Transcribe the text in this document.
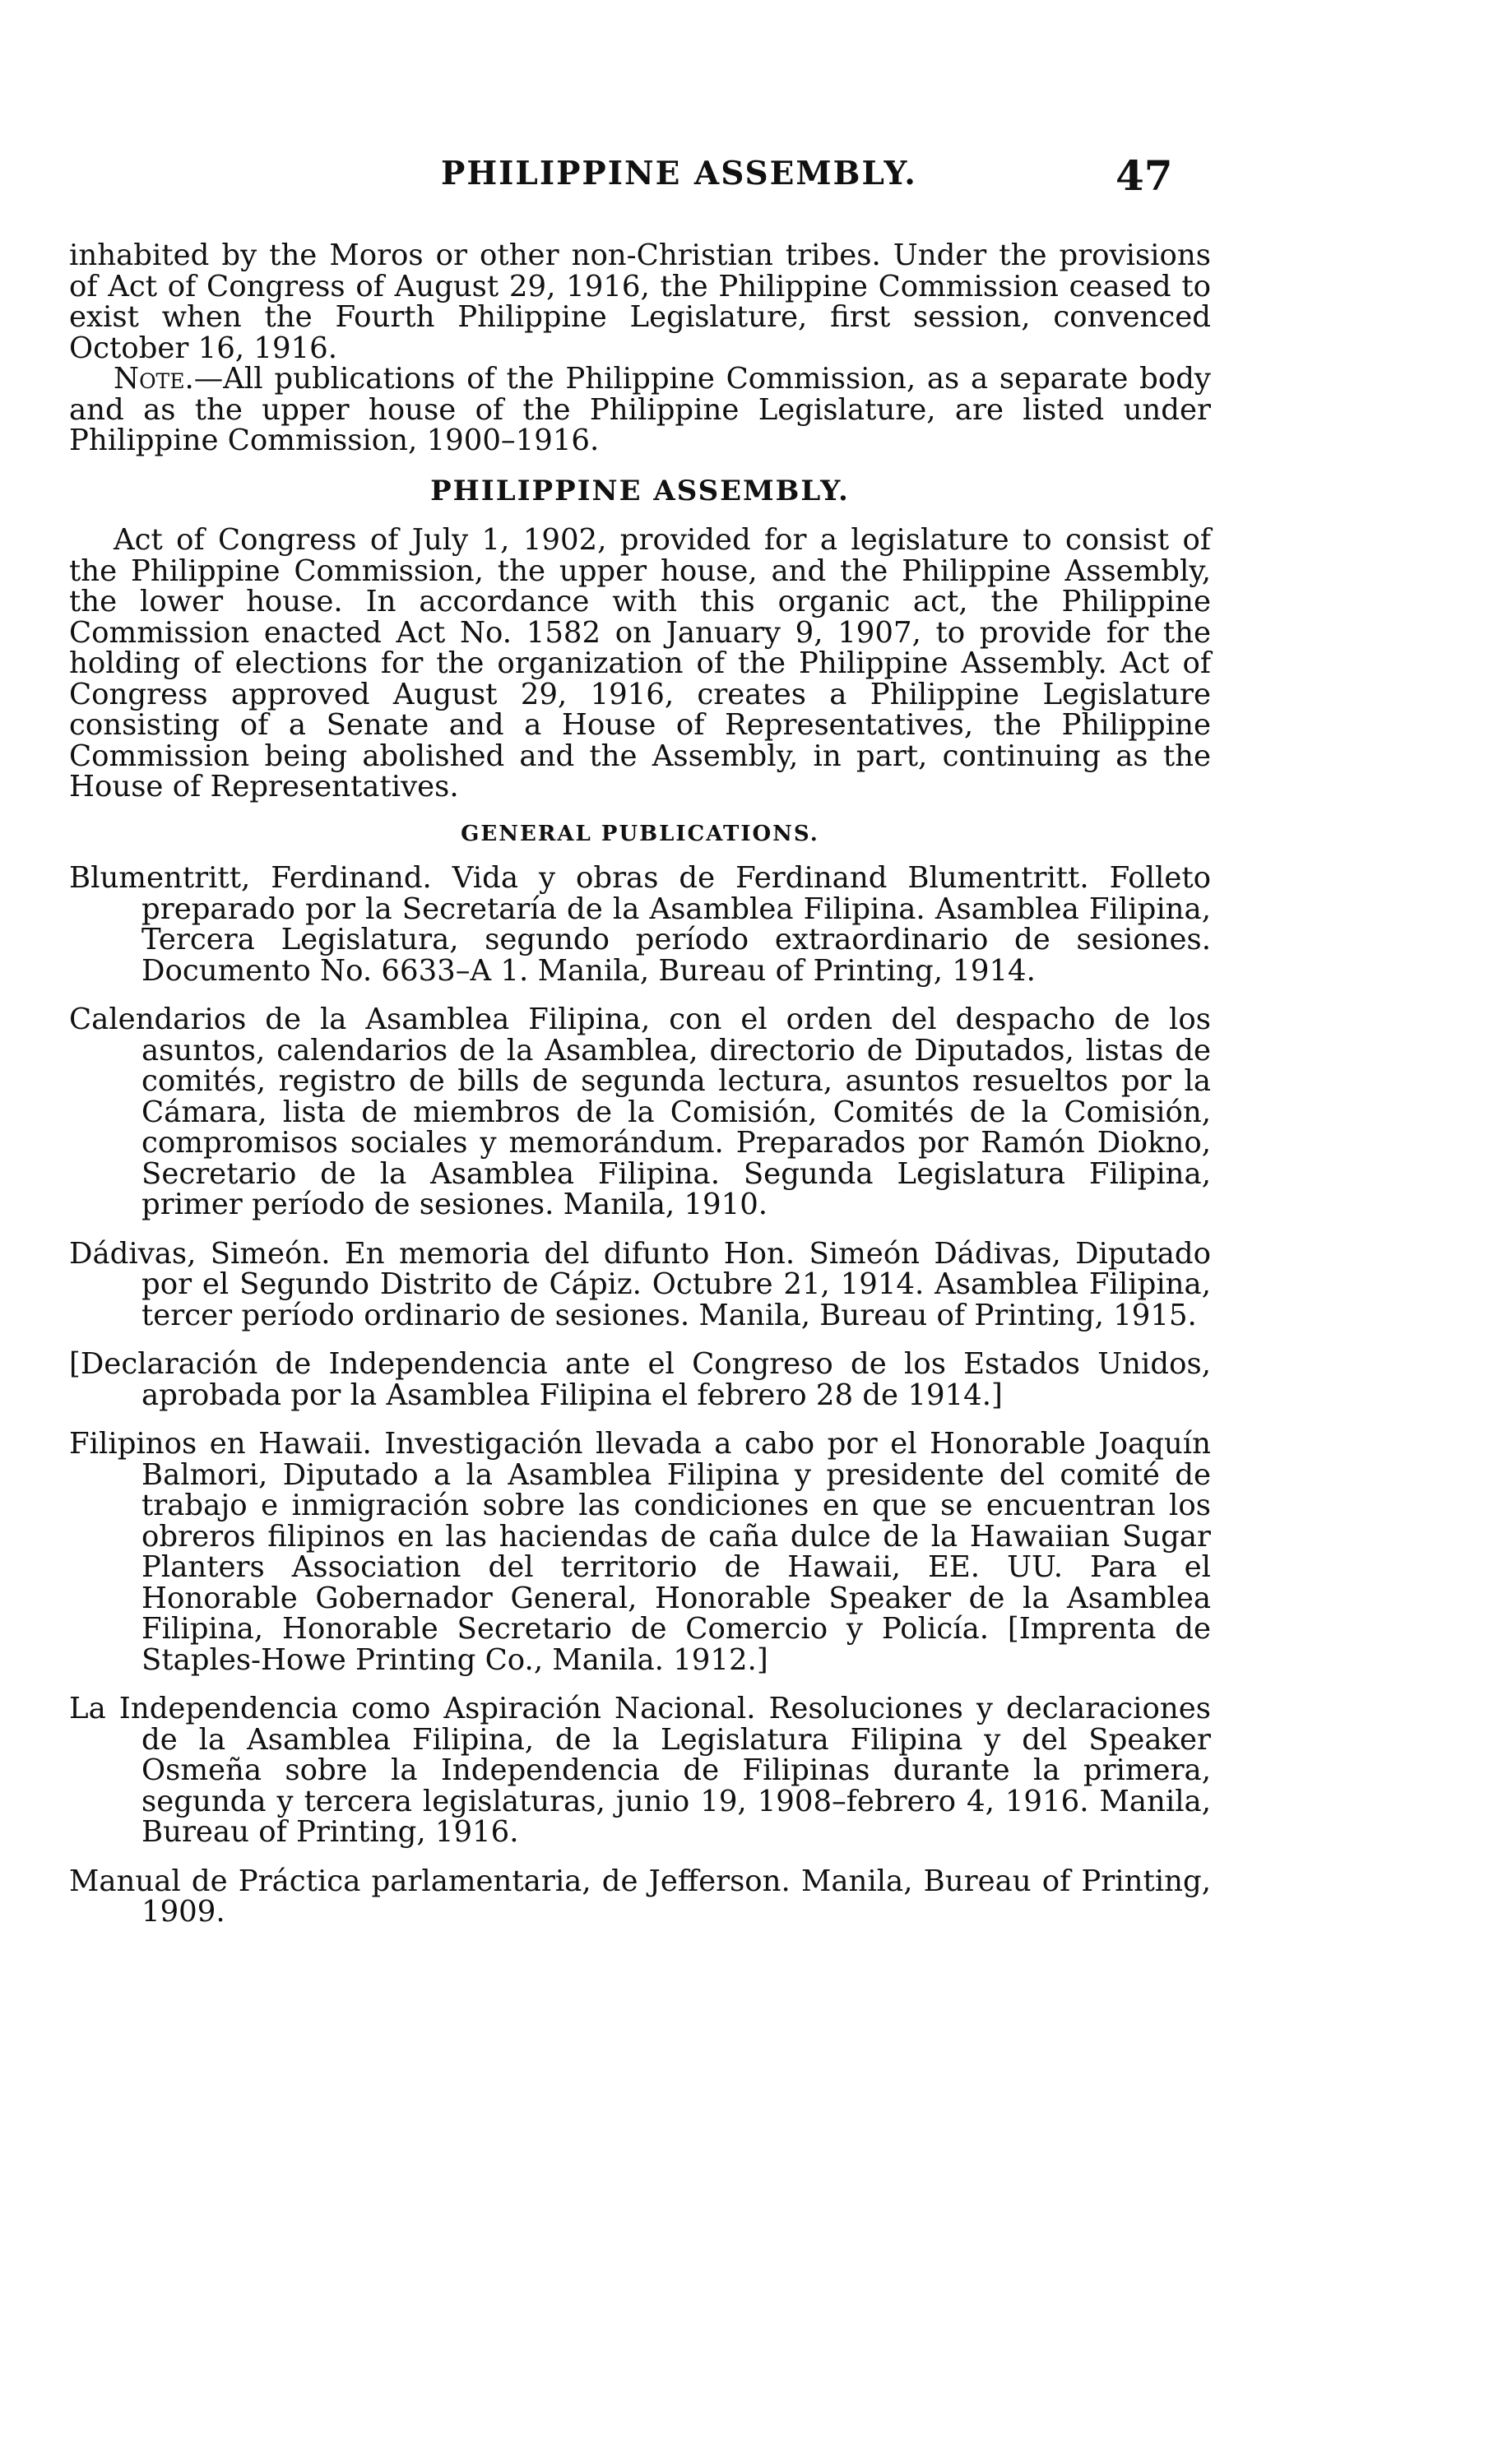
PHILIPPINE ASSEMBLY.	47

inhabited by the Moros or other non-Christian tribes. Under the provisions of Act of Congress of August 29, 1916, the Philippine Commission ceased to exist when the Fourth Philippine Legislature, first session, convenced October 16, 1916.

Note.—All publications of the Philippine Commission, as a separate body and as the upper house of the Philippine Legislature, are listed under Philippine Commission, 1900–1916.

PHILIPPINE ASSEMBLY.

Act of Congress of July 1, 1902, provided for a legislature to consist of the Philippine Commission, the upper house, and the Philippine Assembly, the lower house. In accordance with this organic act, the Philippine Commission enacted Act No. 1582 on January 9, 1907, to provide for the holding of elections for the organization of the Philippine Assembly. Act of Congress approved August 29, 1916, creates a Philippine Legislature consisting of a Senate and a House of Representatives, the Philippine Commission being abolished and the Assembly, in part, continuing as the House of Representatives.

GENERAL PUBLICATIONS.

Blumentritt, Ferdinand. Vida y obras de Ferdinand Blumentritt. Folleto preparado por la Secretaría de la Asamblea Filipina. Asamblea Filipina, Tercera Legislatura, segundo período extraordinario de sesiones. Documento No. 6633–A 1. Manila, Bureau of Printing, 1914.

Calendarios de la Asamblea Filipina, con el orden del despacho de los asuntos, calendarios de la Asamblea, directorio de Diputados, listas de comités, registro de bills de segunda lectura, asuntos resueltos por la Cámara, lista de miembros de la Comisión, Comités de la Comisión, compromisos sociales y memorándum. Preparados por Ramón Diokno, Secretario de la Asamblea Filipina. Segunda Legislatura Filipina, primer período de sesiones. Manila, 1910.

Dádivas, Simeón. En memoria del difunto Hon. Simeón Dádivas, Diputado por el Segundo Distrito de Cápiz. Octubre 21, 1914. Asamblea Filipina, tercer período ordinario de sesiones. Manila, Bureau of Printing, 1915.

[Declaración de Independencia ante el Congreso de los Estados Unidos, aprobada por la Asamblea Filipina el febrero 28 de 1914.]

Filipinos en Hawaii. Investigación llevada a cabo por el Honorable Joaquín Balmori, Diputado a la Asamblea Filipina y presidente del comité de trabajo e inmigración sobre las condiciones en que se encuentran los obreros filipinos en las haciendas de caña dulce de la Hawaiian Sugar Planters Association del territorio de Hawaii, EE. UU. Para el Honorable Gobernador General, Honorable Speaker de la Asamblea Filipina, Honorable Secretario de Comercio y Policía. [Imprenta de Staples-Howe Printing Co., Manila. 1912.]

La Independencia como Aspiración Nacional. Resoluciones y declaraciones de la Asamblea Filipina, de la Legislatura Filipina y del Speaker Osmeña sobre la Independencia de Filipinas durante la primera, segunda y tercera legislaturas, junio 19, 1908–febrero 4, 1916. Manila, Bureau of Printing, 1916.

Manual de Práctica parlamentaria, de Jefferson. Manila, Bureau of Printing, 1909.
